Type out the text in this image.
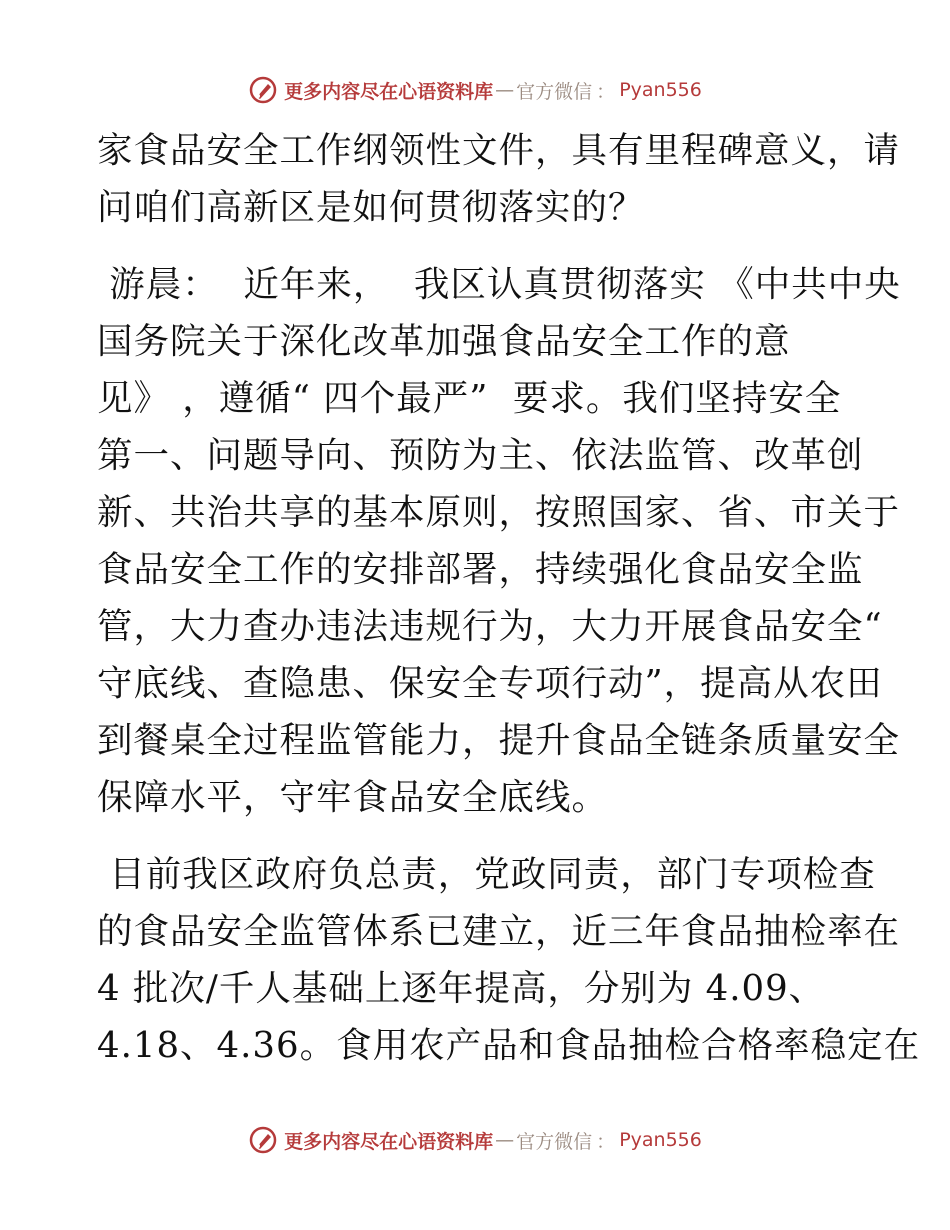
更多内容尽在心语资料库 — 官方微信 ： Pyan556
家食品安全工作纲领性文件，具有里程碑意义，请
问咱们高新区是如何贯彻落实的？
游晨：  近年来，  我区认真贯彻落实 《中共中央
国务院关于深化改革加强食品安全工作的意
见》 ，遵循“ 四个最严”  要求。我们坚持安全
第一、问题导向、预防为主、依法监管、改革创
新、共治共享的基本原则，按照国家、省、市关于
食品安全工作的安排部署，持续强化食品安全监
管，大力查办违法违规行为，大力开展食品安全“
守底线、查隐患、保安全专项行动”，提高从农田
到餐桌全过程监管能力，提升食品全链条质量安全
保障水平，守牢食品安全底线。
目前我区政府负总责，党政同责，部门专项检查
的食品安全监管体系已建立，近三年食品抽检率在
4 批次/千人基础上逐年提高，分别为 4.09、
4.18、4.36。食用农产品和食品抽检合格率稳定在
更多内容尽在心语资料库 — 官方微信 ： Pyan556
